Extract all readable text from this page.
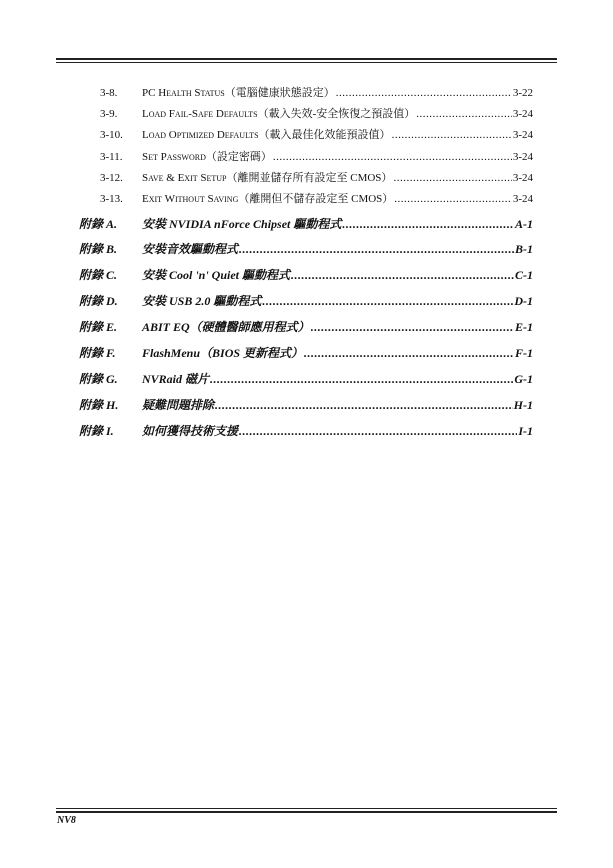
3-8.	PC Health Status（電腦健康狀態設定） .....	3-22
3-9.	Load Fail-Safe Defaults（載入失效-安全恢復之預設值） .....	3-24
3-10.	Load Optimized Defaults（載入最佳化效能預設值） .....	3-24
3-11.	Set Password（設定密碼） .....	3-24
3-12.	Save & Exit Setup（離開並儲存所有設定至 CMOS） .....	3-24
3-13.	Exit Without Saving（離開但不儲存設定至 CMOS） .....	3-24
附錄 A.	安裝 NVIDIA nForce Chipset 驅動程式 .....	A-1
附錄 B.	安裝音效驅動程式 .....	B-1
附錄 C.	安裝 Cool 'n' Quiet 驅動程式 .....	C-1
附錄 D.	安裝 USB 2.0 驅動程式 .....	D-1
附錄 E.	ABIT EQ（硬體醫師應用程式） .....	E-1
附錄 F.	FlashMenu（BIOS 更新程式） .....	F-1
附錄 G.	NVRaid 磁片 .....	G-1
附錄 H.	疑難問題排除 .....	H-1
附錄 I.	如何獲得技術支援 .....	I-1
NV8
